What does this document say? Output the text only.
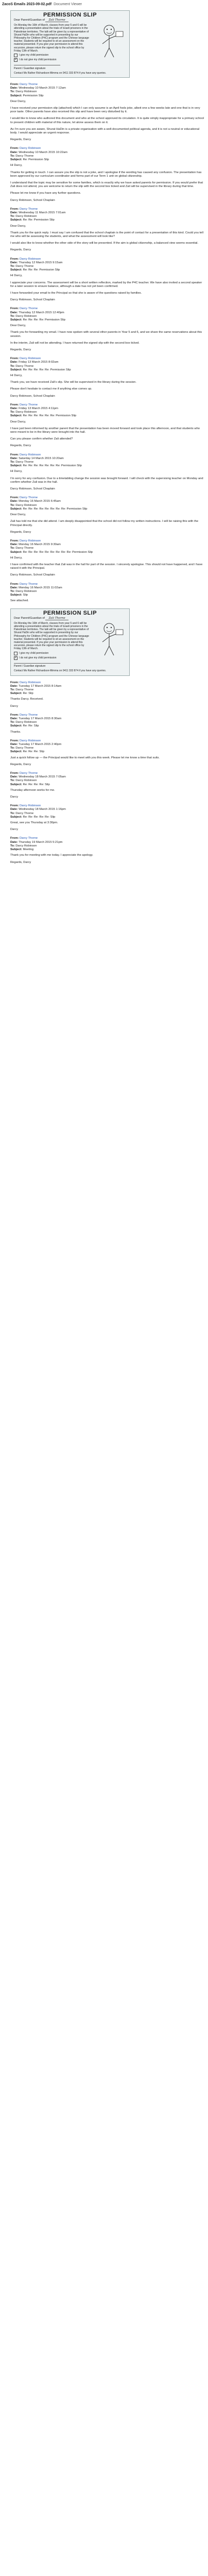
ZacoS Emails 2023-09-02.pdf Document Viewer
PERMISSION SLIP
Dear Parent/Guardian of Zali Thorne
On Monday the 16th of March, classes from year 5 and 6 will be attending a presentation about the trials of Israeli prisoners in the Palestinian territories. The talk will be given by a representative of Shurat HaDin who will be supported in presenting by our Philosophy for Children (P4C) program and the Chinese language teacher. Students will be required to sit an assessment on the material presented. If you give your permission to attend this excursion, please return the signed slip to the school office by Friday 13th of March.
I give my child permission
✓
I do not give my child permission

Parent / Guardian signature
Contact Ms Rather Richardson-Mimma on 0411 333 874 if you have any queries.
From: Darcy Thorne
Date: Wednesday 10 March 2015 7:12am
To: Darcy Robinson
Subject: Permission Slip

Dear Darcy,

I have received your permission slip (attached) which I can only assume is an April fools joke, albeit one a few weeks late and one that is in very poor taste. Other parents have also received this slip and have been very disturbed by it.

I would like to know who authored this document and who at the school approved its circulation. It is quite simply inappropriate for a primary school to present children with material of this nature, let alone assess them on it.

As I'm sure you are aware, Shurat HaDin is a private organisation with a well-documented political agenda, and it is not a neutral or educational body. I would appreciate an urgent response.

Regards, Darcy

From: Darcy Robinson
Date: Wednesday 10 March 2015 10:22am
To: Darcy Thorne
Subject: Re: Permission Slip

Hi Darcy,

Thanks for getting in touch. I can assure you the slip is not a joke, and I apologise if the wording has caused any confusion. The presentation has been approved by our curriculum coordinator and forms part of our Term 1 unit on global citizenship.

I understand that the topic may be sensitive for some families, which is exactly why we have asked parents for permission. If you would prefer that Zali does not attend, you are welcome to return the slip with the second box ticked and Zali will be supervised in the library during that time.

Please let me know if you have any further questions.

Darcy Robinson, School Chaplain

From: Darcy Thorne
Date: Wednesday 11 March 2015 7:01am
To: Darcy Robinson
Subject: Re: Re: Permission Slip

Dear Darcy,

Thank you for the quick reply. I must say I am confused that the school chaplain is the point of contact for a presentation of this kind. Could you tell me who will be assessing the students, and what the assessment will look like?

I would also like to know whether the other side of the story will be presented. If the aim is global citizenship, a balanced view seems essential.

Regards, Darcy

From: Darcy Robinson
Date: Thursday 12 March 2015 9:15am
To: Darcy Thorne
Subject: Re: Re: Re: Permission Slip

Hi Darcy,

I appreciate your concerns. The assessment will be a short written reflection, marked by the P4C teacher. We have also invited a second speaker for a later session to ensure balance, although a date has not yet been confirmed.

I have forwarded your email to the Principal so that she is aware of the questions raised by families.

Darcy Robinson, School Chaplain

From: Darcy Thorne
Date: Thursday 12 March 2015 12:40pm
To: Darcy Robinson
Subject: Re: Re: Re: Re: Permission Slip

Dear Darcy,

Thank you for forwarding my email. I have now spoken with several other parents in Year 5 and 6, and we share the same reservations about this session.

In the interim, Zali will not be attending. I have returned the signed slip with the second box ticked.

Regards, Darcy

From: Darcy Robinson
Date: Friday 13 March 2015 8:02am
To: Darcy Thorne
Subject: Re: Re: Re: Re: Re: Permission Slip

Hi Darcy,

Thank you, we have received Zali's slip. She will be supervised in the library during the session.

Please don't hesitate to contact me if anything else comes up.

Darcy Robinson, School Chaplain

From: Darcy Thorne
Date: Friday 13 March 2015 4:11pm
To: Darcy Robinson
Subject: Re: Re: Re: Re: Re: Re: Permission Slip

Dear Darcy,

I have just been informed by another parent that the presentation has been moved forward and took place this afternoon, and that students who were meant to be in the library were brought into the hall.

Can you please confirm whether Zali attended?

Regards, Darcy

From: Darcy Robinson
Date: Saturday 14 March 2015 10:20am
To: Darcy Thorne
Subject: Re: Re: Re: Re: Re: Re: Re: Permission Slip

Hi Darcy,

I'm sorry for any confusion. Due to a timetabling change the session was brought forward. I will check with the supervising teacher on Monday and confirm whether Zali was in the hall.

Darcy Robinson, School Chaplain

From: Darcy Thorne
Date: Monday 16 March 2015 6:45am
To: Darcy Robinson
Subject: Re: Re: Re: Re: Re: Re: Re: Re: Permission Slip

Dear Darcy,

Zali has told me that she did attend. I am deeply disappointed that the school did not follow my written instructions. I will be raising this with the Principal directly.

Regards, Darcy

From: Darcy Robinson
Date: Monday 16 March 2015 9:30am
To: Darcy Thorne
Subject: Re: Re: Re: Re: Re: Re: Re: Re: Re: Permission Slip

Hi Darcy,

I have confirmed with the teacher that Zali was in the hall for part of the session. I sincerely apologise. This should not have happened, and I have raised it with the Principal.

Darcy Robinson, School Chaplain

From: Darcy Thorne
Date: Monday 16 March 2015 11:02am
To: Darcy Robinson
Subject: Slip

See attached.

PERMISSION SLIP
Dear Parent/Guardian of Zali Thorne
On Monday the 16th of March, classes from year 5 and 6 will be attending a presentation about the trials of Israeli prisoners in the Palestinian territories. The talk will be given by a representative of Shurat HaDin who will be supported in presenting by our Philosophy for Children (P4C) program and the Chinese language teacher. Students will be required to sit an assessment on the material presented. If you give your permission to attend this excursion, please return the signed slip to the school office by Friday 13th of March.
I give my child permission
✓
I do not give my child permission

Parent / Guardian signature
Contact Ms Rather Richardson-Mimma on 0411 333 874 if you have any queries.
From: Darcy Robinson
Date: Tuesday 17 March 2015 8:14am
To: Darcy Thorne
Subject: Re: Slip

Thanks Darcy. Received.

Darcy

From: Darcy Thorne
Date: Tuesday 17 March 2015 8:30am
To: Darcy Robinson
Subject: Re: Re: Slip

Thanks.

From: Darcy Robinson
Date: Tuesday 17 March 2015 2:40pm
To: Darcy Thorne
Subject: Re: Re: Re: Slip

Just a quick follow up — the Principal would like to meet with you this week. Please let me know a time that suits.

Regards, Darcy

From: Darcy Thorne
Date: Wednesday 18 March 2015 7:05am
To: Darcy Robinson
Subject: Re: Re: Re: Re: Slip

Thursday afternoon works for me.

Darcy

From: Darcy Robinson
Date: Wednesday 18 March 2015 1:16pm
To: Darcy Thorne
Subject: Re: Re: Re: Re: Re: Slip

Great, see you Thursday at 3:30pm.

Darcy

From: Darcy Thorne
Date: Thursday 19 March 2015 5:21pm
To: Darcy Robinson
Subject: Meeting

Thank you for meeting with me today. I appreciate the apology.

Regards, Darcy
